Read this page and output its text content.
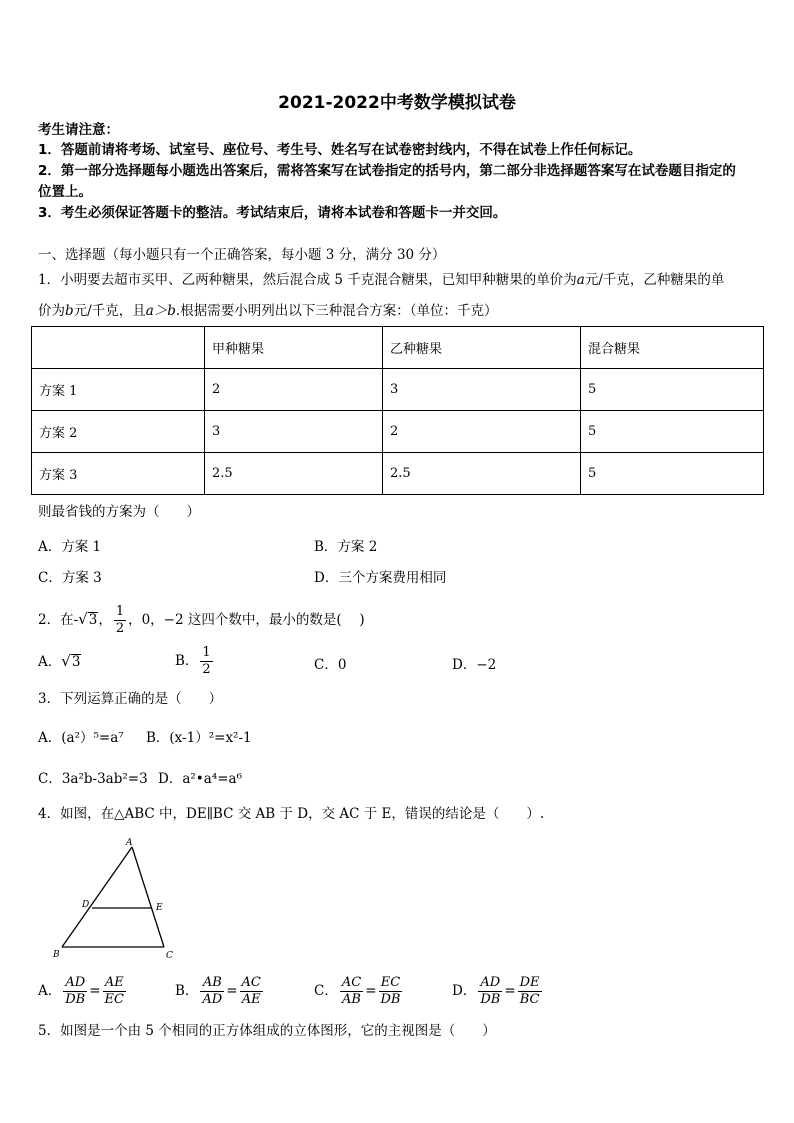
2021-2022中考数学模拟试卷
考生请注意：
1．答题前请将考场、试室号、座位号、考生号、姓名写在试卷密封线内，不得在试卷上作任何标记。
2．第一部分选择题每小题选出答案后，需将答案写在试卷指定的括号内，第二部分非选择题答案写在试卷题目指定的
位置上。
3．考生必须保证答题卡的整洁。考试结束后，请将本试卷和答题卡一并交回。
一、选择题（每小题只有一个正确答案，每小题 3 分，满分 30 分）
1．小明要去超市买甲、乙两种糖果，然后混合成 5 千克混合糖果，已知甲种糖果的单价为a元/千克，乙种糖果的单
价为b元/千克，且a＞b.根据需要小明列出以下三种混合方案：（单位：千克）
	甲种糖果	乙种糖果	混合糖果
方案 1	2	3	5
方案 2	3	2	5
方案 3	2.5	2.5	5
则最省钱的方案为（　　）
A．方案 1	B．方案 2
C．方案 3	D．三个方案费用相同
2．在-√3， $\frac{1}{2}$ ，0，−2 这四个数中，最小的数是(　 )
A．√3	B． $\frac{1}{2}$	C．0	D．−2
3．下列运算正确的是（　　）
A．(a²）⁵=a⁷ B．(x-1）²=x²-1
C．3a²b-3ab²=3 D．a²•a⁴=a⁶
4．如图，在△ABC 中，DE∥BC 交 AB 于 D，交 AC 于 E，错误的结论是（　　）.
A
B	C
D	E
A． $\frac{AD}{DB} = \frac{AE}{EC}$	B． $\frac{AB}{AD} = \frac{AC}{AE}$	C． $\frac{AC}{AB} = \frac{EC}{DB}$	D． $\frac{AD}{DB} = \frac{DE}{BC}$
5．如图是一个由 5 个相同的正方体组成的立体图形，它的主视图是（　　）
